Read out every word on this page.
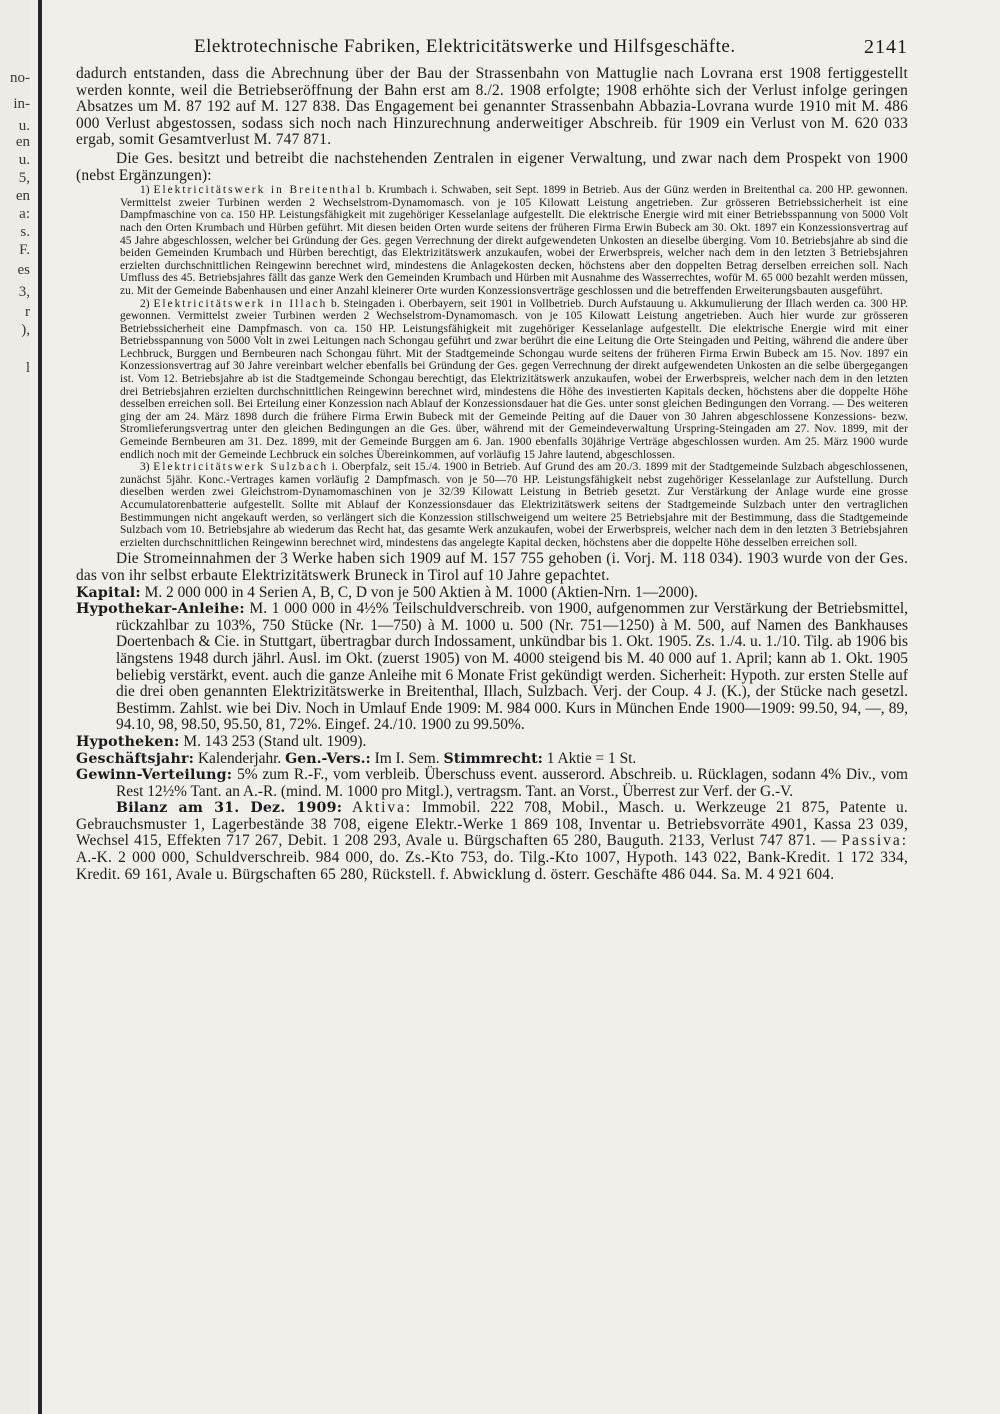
no-
in-
u.
en
u.
5,
en
a:
s.
F.
es
3,
r
),
l
Elektrotechnische Fabriken, Elektricitätswerke und Hilfsgeschäfte.	2141

dadurch entstanden, dass die Abrechnung über der Bau der Strassenbahn von Mattuglie nach Lovrana erst 1908 fertiggestellt werden konnte, weil die Betriebseröffnung der Bahn erst am 8./2. 1908 erfolgte; 1908 erhöhte sich der Verlust infolge geringen Absatzes um M. 87 192 auf M. 127 838. Das Engagement bei genannter Strassenbahn Abbazia-Lovrana wurde 1910 mit M. 486 000 Verlust abgestossen, sodass sich noch nach Hinzurechnung anderweitiger Abschreib. für 1909 ein Verlust von M. 620 033 ergab, somit Gesamtverlust M. 747 871.

Die Ges. besitzt und betreibt die nachstehenden Zentralen in eigener Verwaltung, und zwar nach dem Prospekt von 1900 (nebst Ergänzungen):

1) Elektricitätswerk in Breitenthal b. Krumbach i. Schwaben, seit Sept. 1899 in Betrieb. Aus der Günz werden in Breitenthal ca. 200 HP. gewonnen. Vermittelst zweier Turbinen werden 2 Wechselstrom-Dynamomasch. von je 105 Kilowatt Leistung angetrieben. Zur grösseren Betriebssicherheit ist eine Dampfmaschine von ca. 150 HP. Leistungsfähigkeit mit zugehöriger Kesselanlage aufgestellt. Die elektrische Energie wird mit einer Betriebsspannung von 5000 Volt nach den Orten Krumbach und Hürben geführt. Mit diesen beiden Orten wurde seitens der früheren Firma Erwin Bubeck am 30. Okt. 1897 ein Konzessionsvertrag auf 45 Jahre abgeschlossen, welcher bei Gründung der Ges. gegen Verrechnung der direkt aufgewendeten Unkosten an dieselbe überging. Vom 10. Betriebsjahre ab sind die beiden Gemeinden Krumbach und Hürben berechtigt, das Elektrizitätswerk anzukaufen, wobei der Erwerbspreis, welcher nach dem in den letzten 3 Betriebsjahren erzielten durchschnittlichen Reingewinn berechnet wird, mindestens die Anlagekosten decken, höchstens aber den doppelten Betrag derselben erreichen soll. Nach Umfluss des 45. Betriebsjahres fällt das ganze Werk den Gemeinden Krumbach und Hürben mit Ausnahme des Wasserrechtes, wofür M. 65 000 bezahlt werden müssen, zu. Mit der Gemeinde Babenhausen und einer Anzahl kleinerer Orte wurden Konzessionsverträge geschlossen und die betreffenden Erweiterungsbauten ausgeführt.

2) Elektricitätswerk in Illach b. Steingaden i. Oberbayern, seit 1901 in Vollbetrieb. Durch Aufstauung u. Akkumulierung der Illach werden ca. 300 HP. gewonnen. Vermittelst zweier Turbinen werden 2 Wechselstrom-Dynamomasch. von je 105 Kilowatt Leistung angetrieben. Auch hier wurde zur grösseren Betriebssicherheit eine Dampfmasch. von ca. 150 HP. Leistungsfähigkeit mit zugehöriger Kesselanlage aufgestellt. Die elektrische Energie wird mit einer Betriebsspannung von 5000 Volt in zwei Leitungen nach Schongau geführt und zwar berührt die eine Leitung die Orte Steingaden und Peiting, während die andere über Lechbruck, Burggen und Bernbeuren nach Schongau führt. Mit der Stadtgemeinde Schongau wurde seitens der früheren Firma Erwin Bubeck am 15. Nov. 1897 ein Konzessionsvertrag auf 30 Jahre vereinbart welcher ebenfalls bei Gründung der Ges. gegen Verrechnung der direkt aufgewendeten Unkosten an die selbe übergegangen ist. Vom 12. Betriebsjahre ab ist die Stadtgemeinde Schongau berechtigt, das Elektrizitätswerk anzukaufen, wobei der Erwerbspreis, welcher nach dem in den letzten drei Betriebsjahren erzielten durchschnittlichen Reingewinn berechnet wird, mindestens die Höhe des investierten Kapitals decken, höchstens aber die doppelte Höhe desselben erreichen soll. Bei Erteilung einer Konzession nach Ablauf der Konzessionsdauer hat die Ges. unter sonst gleichen Bedingungen den Vorrang. — Des weiteren ging der am 24. März 1898 durch die frühere Firma Erwin Bubeck mit der Gemeinde Peiting auf die Dauer von 30 Jahren abgeschlossene Konzessions- bezw. Stromlieferungsvertrag unter den gleichen Bedingungen an die Ges. über, während mit der Gemeindeverwaltung Urspring-Steingaden am 27. Nov. 1899, mit der Gemeinde Bernbeuren am 31. Dez. 1899, mit der Gemeinde Burggen am 6. Jan. 1900 ebenfalls 30jährige Verträge abgeschlossen wurden. Am 25. März 1900 wurde endlich noch mit der Gemeinde Lechbruck ein solches Übereinkommen, auf vorläufig 15 Jahre lautend, abgeschlossen.

3) Elektricitätswerk Sulzbach i. Oberpfalz, seit 15./4. 1900 in Betrieb. Auf Grund des am 20./3. 1899 mit der Stadtgemeinde Sulzbach abgeschlossenen, zunächst 5jähr. Konc.-Vertrages kamen vorläufig 2 Dampfmasch. von je 50—70 HP. Leistungsfähigkeit nebst zugehöriger Kesselanlage zur Aufstellung. Durch dieselben werden zwei Gleichstrom-Dynamomaschinen von je 32/39 Kilowatt Leistung in Betrieb gesetzt. Zur Verstärkung der Anlage wurde eine grosse Accumulatorenbatterie aufgestellt. Sollte mit Ablauf der Konzessionsdauer das Elektrizitätswerk seitens der Stadtgemeinde Sulzbach unter den vertraglichen Bestimmungen nicht angekauft werden, so verlängert sich die Konzession stillschweigend um weitere 25 Betriebsjahre mit der Bestimmung, dass die Stadtgemeinde Sulzbach vom 10. Betriebsjahre ab wiederum das Recht hat, das gesamte Werk anzukaufen, wobei der Erwerbspreis, welcher nach dem in den letzten 3 Betriebsjahren erzielten durchschnittlichen Reingewinn berechnet wird, mindestens das angelegte Kapital decken, höchstens aber die doppelte Höhe desselben erreichen soll.

Die Stromeinnahmen der 3 Werke haben sich 1909 auf M. 157 755 gehoben (i. Vorj. M. 118 034). 1903 wurde von der Ges. das von ihr selbst erbaute Elektrizitätswerk Bruneck in Tirol auf 10 Jahre gepachtet.

Kapital: M. 2 000 000 in 4 Serien A, B, C, D von je 500 Aktien à M. 1000 (Aktien-Nrn. 1—2000).

Hypothekar-Anleihe: M. 1 000 000 in 4½% Teilschuldverschreib. von 1900, aufgenommen zur Verstärkung der Betriebsmittel, rückzahlbar zu 103%, 750 Stücke (Nr. 1—750) à M. 1000 u. 500 (Nr. 751—1250) à M. 500, auf Namen des Bankhauses Doertenbach & Cie. in Stuttgart, übertragbar durch Indossament, unkündbar bis 1. Okt. 1905. Zs. 1./4. u. 1./10. Tilg. ab 1906 bis längstens 1948 durch jährl. Ausl. im Okt. (zuerst 1905) von M. 4000 steigend bis M. 40 000 auf 1. April; kann ab 1. Okt. 1905 beliebig verstärkt, event. auch die ganze Anleihe mit 6 Monate Frist gekündigt werden. Sicherheit: Hypoth. zur ersten Stelle auf die drei oben genannten Elektrizitätswerke in Breitenthal, Illach, Sulzbach. Verj. der Coup. 4 J. (K.), der Stücke nach gesetzl. Bestimm. Zahlst. wie bei Div. Noch in Umlauf Ende 1909: M. 984 000. Kurs in München Ende 1900—1909: 99.50, 94, —, 89, 94.10, 98, 98.50, 95.50, 81, 72%. Eingef. 24./10. 1900 zu 99.50%.

Hypotheken: M. 143 253 (Stand ult. 1909).

Geschäftsjahr: Kalenderjahr. Gen.-Vers.: Im I. Sem. Stimmrecht: 1 Aktie = 1 St.

Gewinn-Verteilung: 5% zum R.-F., vom verbleib. Überschuss event. ausserord. Abschreib. u. Rücklagen, sodann 4% Div., vom Rest 12½% Tant. an A.-R. (mind. M. 1000 pro Mitgl.), vertragsm. Tant. an Vorst., Überrest zur Verf. der G.-V.

Bilanz am 31. Dez. 1909: Aktiva: Immobil. 222 708, Mobil., Masch. u. Werkzeuge 21 875, Patente u. Gebrauchsmuster 1, Lagerbestände 38 708, eigene Elektr.-Werke 1 869 108, Inventar u. Betriebsvorräte 4901, Kassa 23 039, Wechsel 415, Effekten 717 267, Debit. 1 208 293, Avale u. Bürgschaften 65 280, Bauguth. 2133, Verlust 747 871. — Passiva: A.-K. 2 000 000, Schuldverschreib. 984 000, do. Zs.-Kto 753, do. Tilg.-Kto 1007, Hypoth. 143 022, Bank-Kredit. 1 172 334, Kredit. 69 161, Avale u. Bürgschaften 65 280, Rückstell. f. Abwicklung d. österr. Geschäfte 486 044. Sa. M. 4 921 604.
